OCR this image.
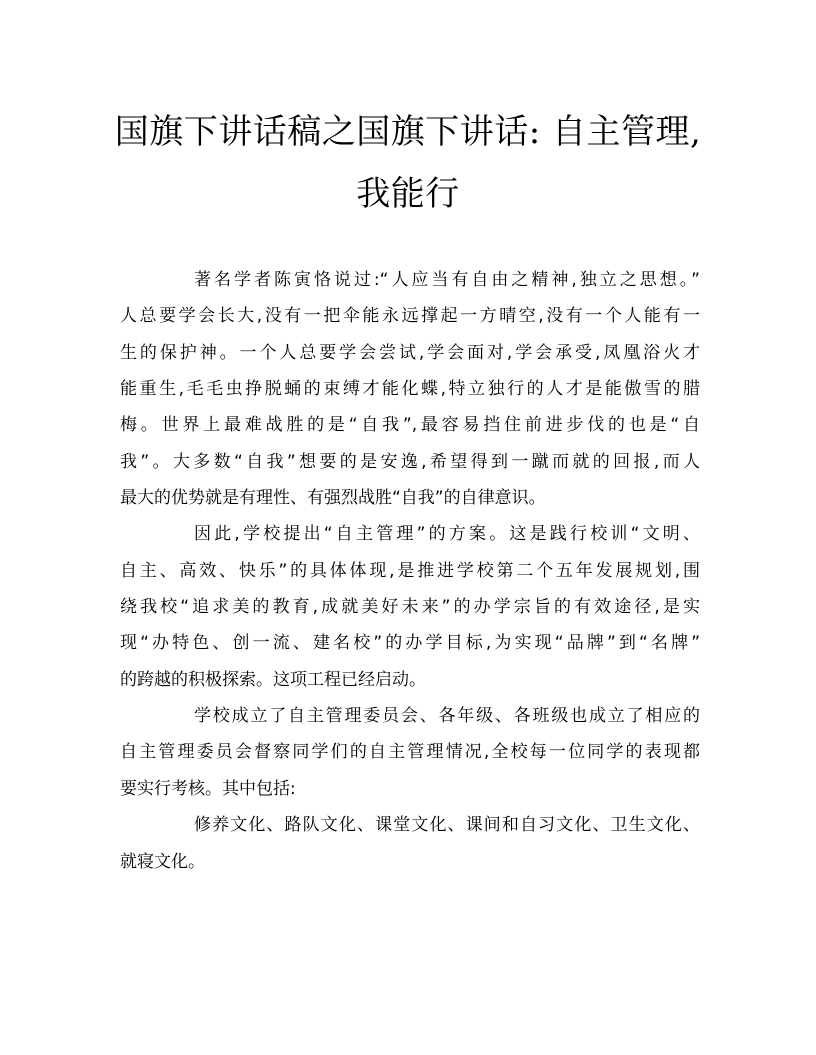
国旗下讲话稿之国旗下讲话: 自主管理,
我能行

著名学者陈寅恪说过:“人应当有自由之精神,独立之思想。”
人总要学会长大,没有一把伞能永远撑起一方晴空,没有一个人能有一
生的保护神。一个人总要学会尝试,学会面对,学会承受,凤凰浴火才
能重生,毛毛虫挣脱蛹的束缚才能化蝶,特立独行的人才是能傲雪的腊
梅。世界上最难战胜的是“自我”,最容易挡住前进步伐的也是“自
我”。大多数“自我”想要的是安逸,希望得到一蹴而就的回报,而人
最大的优势就是有理性、有强烈战胜“自我”的自律意识。

因此,学校提出“自主管理”的方案。这是践行校训“文明、
自主、高效、快乐”的具体体现,是推进学校第二个五年发展规划,围
绕我校“追求美的教育,成就美好未来”的办学宗旨的有效途径,是实
现“办特色、创一流、建名校”的办学目标,为实现“品牌”到“名牌”
的跨越的积极探索。这项工程已经启动。

学校成立了自主管理委员会、各年级、各班级也成立了相应的
自主管理委员会督察同学们的自主管理情况,全校每一位同学的表现都
要实行考核。其中包括:

修养文化、路队文化、课堂文化、课间和自习文化、卫生文化、
就寝文化。
